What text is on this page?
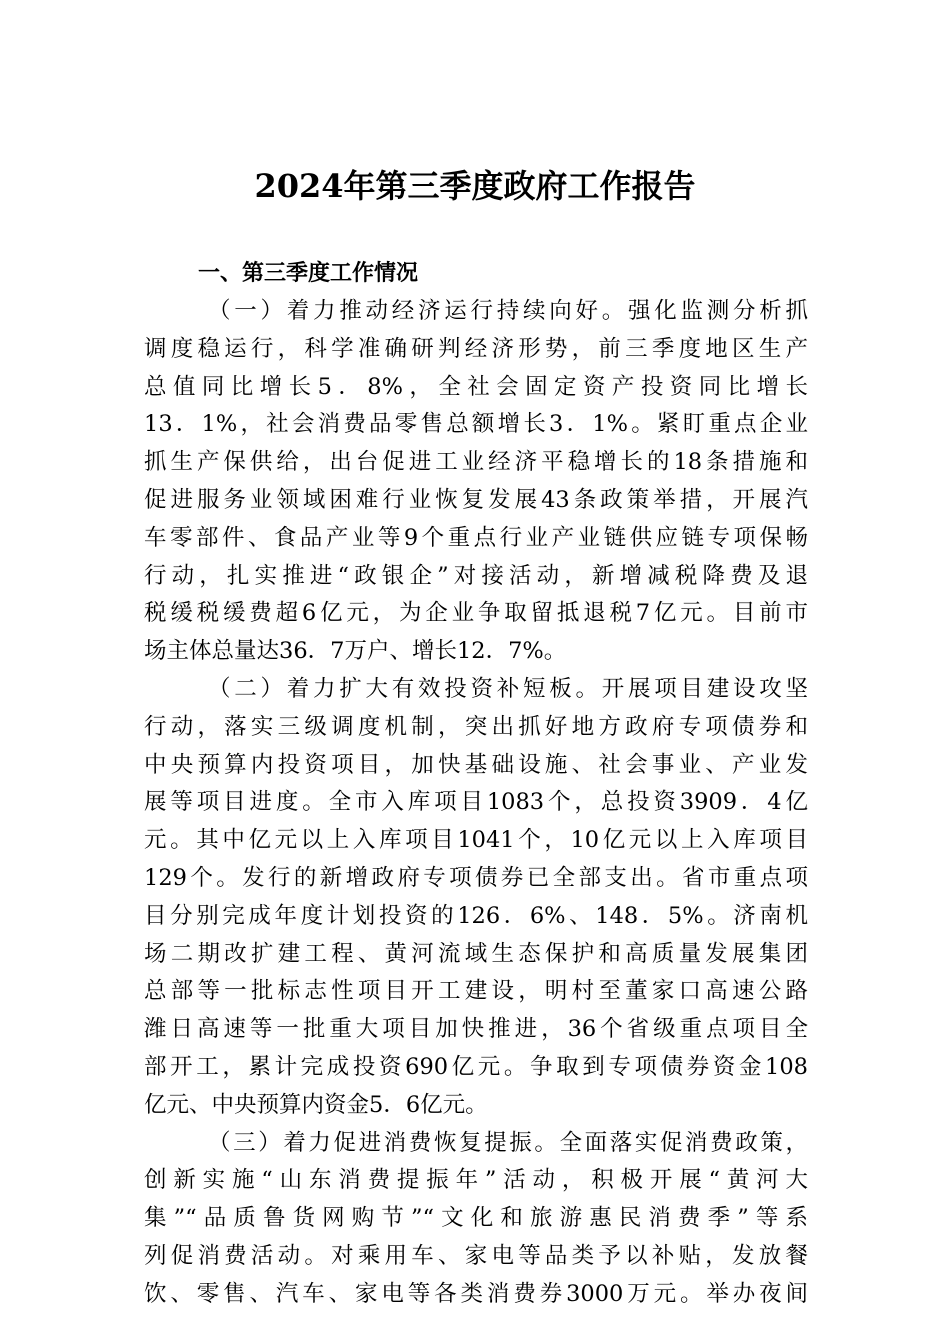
2024年第三季度政府工作报告
一、第三季度工作情况

（一）着力推动经济运行持续向好。强化监测分析抓
调度稳运行，科学准确研判经济形势，前三季度地区生产
总值同比增长5．8%，全社会固定资产投资同比增长
13．1%，社会消费品零售总额增长3．1%。紧盯重点企业
抓生产保供给，出台促进工业经济平稳增长的18条措施和
促进服务业领域困难行业恢复发展43条政策举措，开展汽
车零部件、食品产业等9个重点行业产业链供应链专项保畅
行动，扎实推进“政银企”对接活动，新增减税降费及退
税缓税缓费超6亿元，为企业争取留抵退税7亿元。目前市
场主体总量达36．7万户、增长12．7%。

（二）着力扩大有效投资补短板。开展项目建设攻坚
行动，落实三级调度机制，突出抓好地方政府专项债券和
中央预算内投资项目，加快基础设施、社会事业、产业发
展等项目进度。全市入库项目1083个，总投资3909．4亿
元。其中亿元以上入库项目1041个，10亿元以上入库项目
129个。发行的新增政府专项债券已全部支出。省市重点项
目分别完成年度计划投资的126．6%、148．5%。济南机
场二期改扩建工程、黄河流域生态保护和高质量发展集团
总部等一批标志性项目开工建设，明村至董家口高速公路
潍日高速等一批重大项目加快推进，36个省级重点项目全
部开工，累计完成投资690亿元。争取到专项债券资金108
亿元、中央预算内资金5．6亿元。

（三）着力促进消费恢复提振。全面落实促消费政策，
创新实施“山东消费提振年”活动，积极开展“黄河大
集”“品质鲁货网购节”“文化和旅游惠民消费季”等系
列促消费活动。对乘用车、家电等品类予以补贴，发放餐
饮、零售、汽车、家电等各类消费券3000万元。举办夜间
